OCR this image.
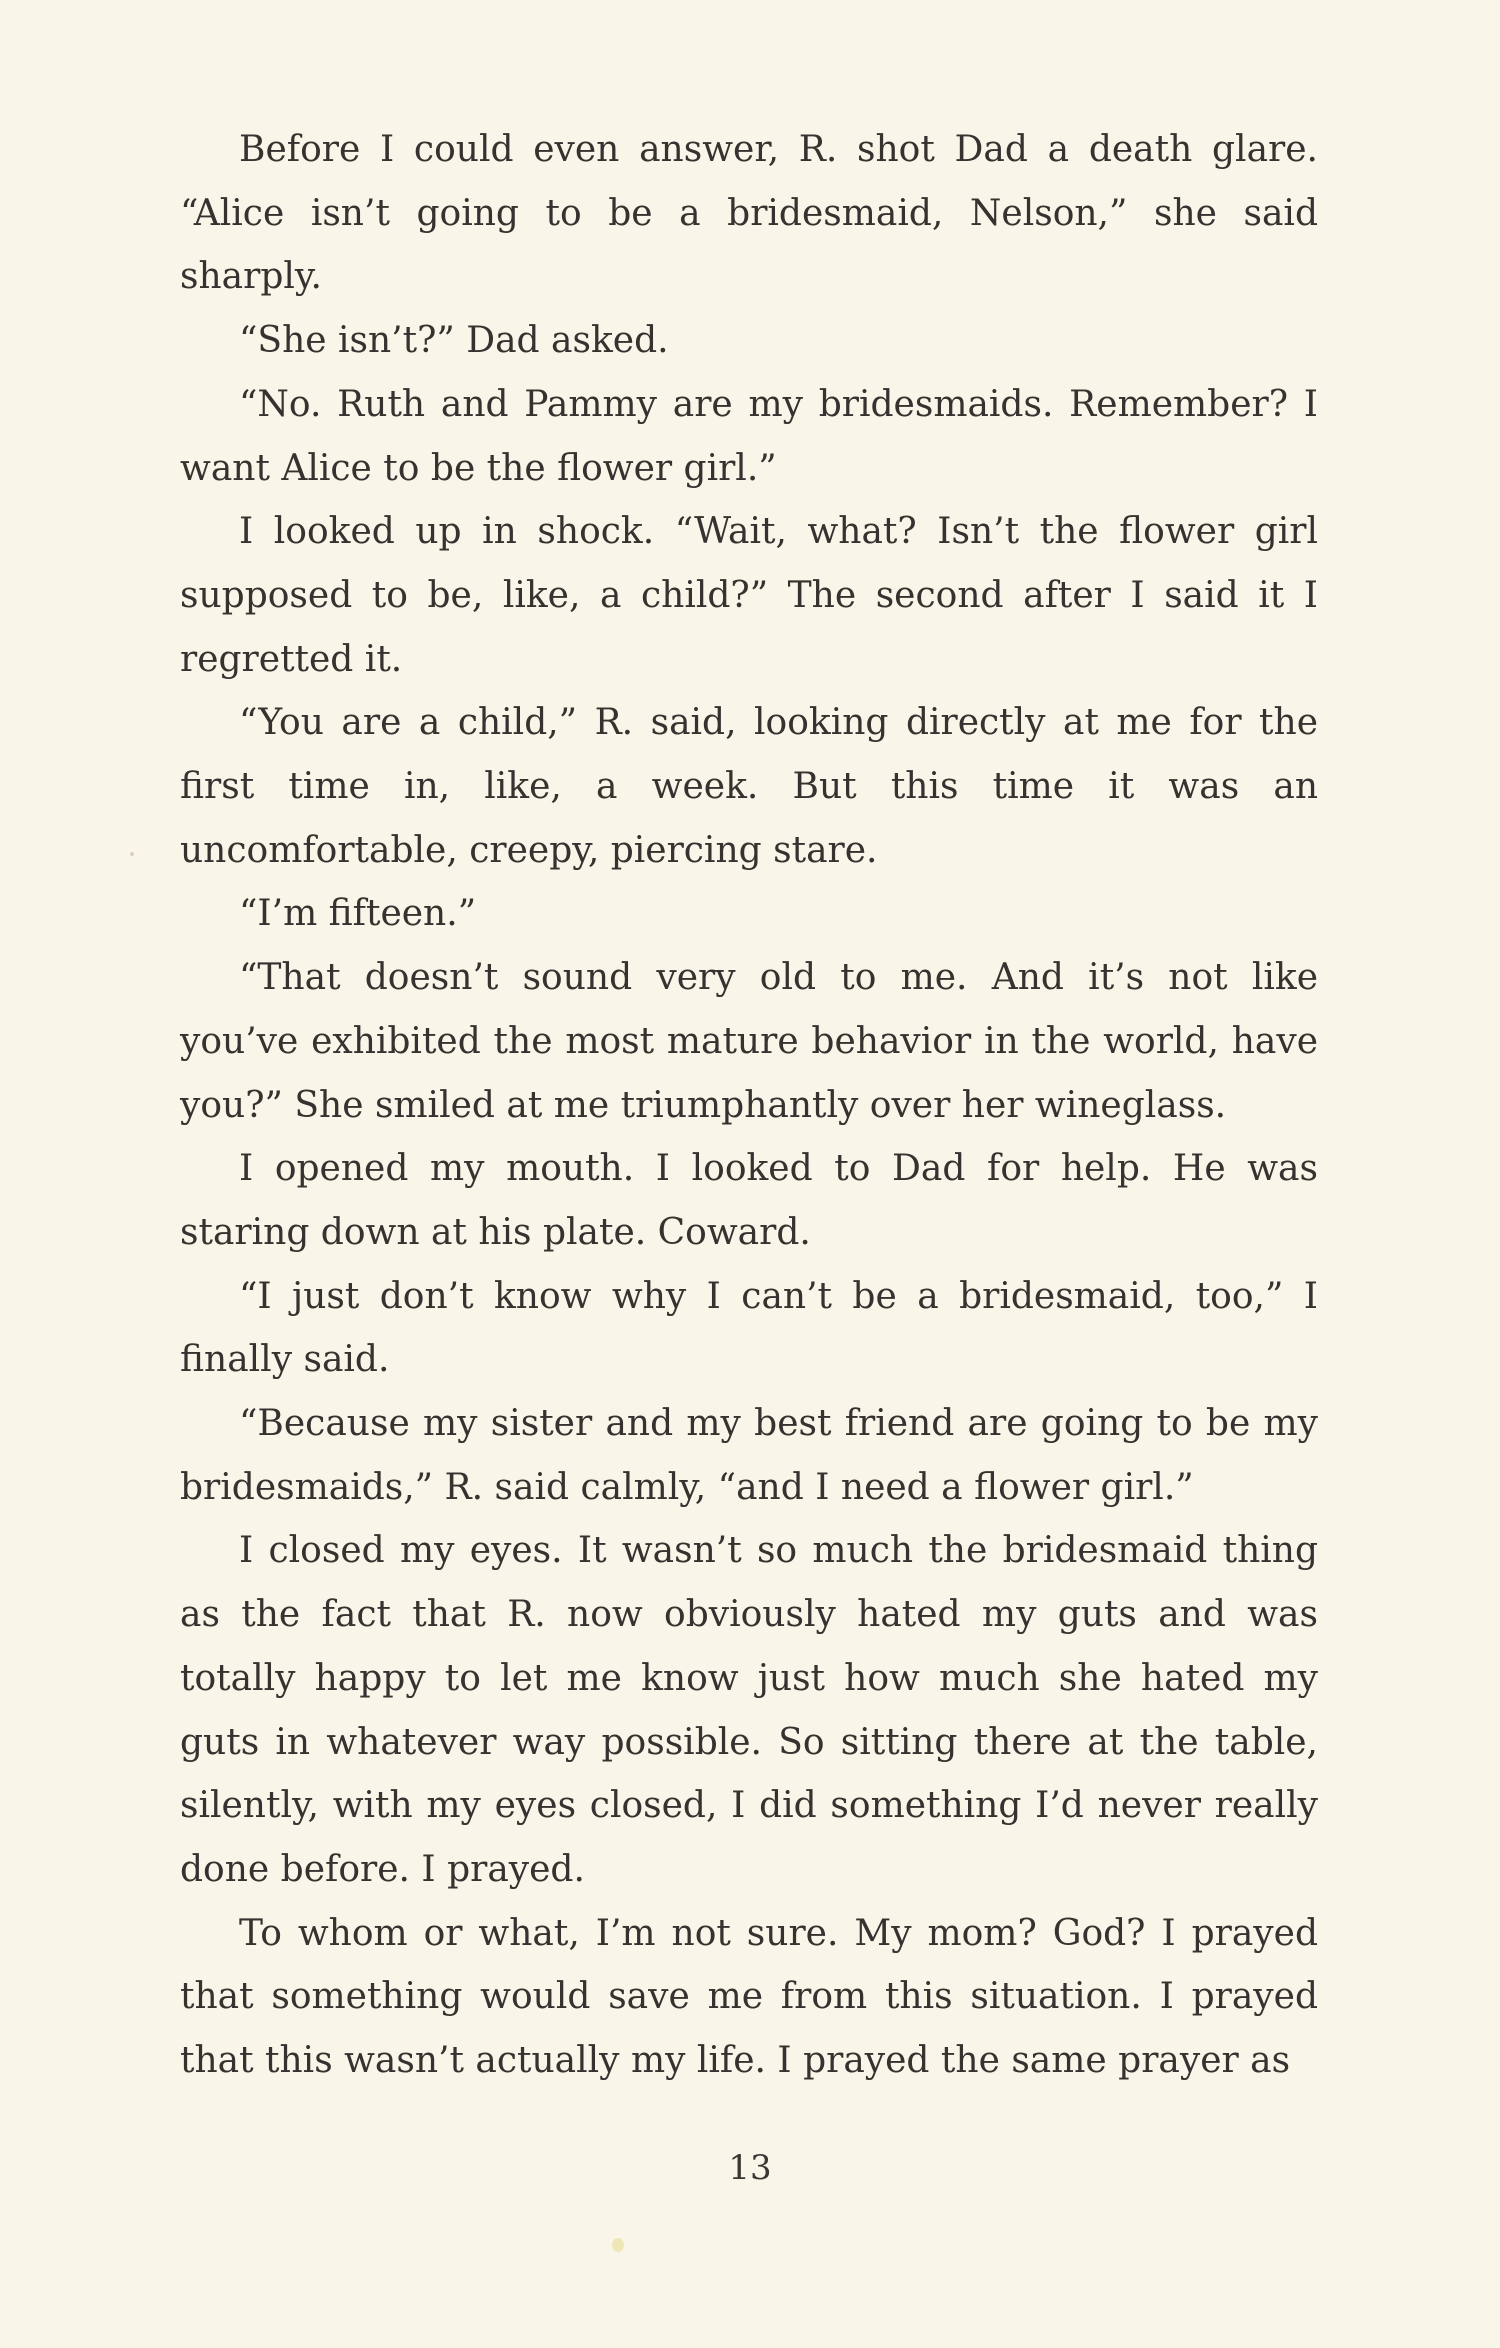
Before I could even answer, R. shot Dad a death glare. “Alice isn’t going to be a bridesmaid, Nelson,” she said sharply.

“She isn’t?” Dad asked.

“No. Ruth and Pammy are my bridesmaids. Remember? I want Alice to be the flower girl.”

I looked up in shock. “Wait, what? Isn’t the flower girl supposed to be, like, a child?” The second after I said it I regretted it.

“You are a child,” R. said, looking directly at me for the first time in, like, a week. But this time it was an uncomfortable, creepy, piercing stare.

“I’m fifteen.”

“That doesn’t sound very old to me. And it’s not like you’ve exhibited the most mature behavior in the world, have you?” She smiled at me triumphantly over her wineglass.

I opened my mouth. I looked to Dad for help. He was staring down at his plate. Coward.

“I just don’t know why I can’t be a bridesmaid, too,” I finally said.

“Because my sister and my best friend are going to be my bridesmaids,” R. said calmly, “and I need a flower girl.”

I closed my eyes. It wasn’t so much the bridesmaid thing as the fact that R. now obviously hated my guts and was totally happy to let me know just how much she hated my guts in whatever way possible. So sitting there at the table, silently, with my eyes closed, I did something I’d never really done before. I prayed.

To whom or what, I’m not sure. My mom? God? I prayed that something would save me from this situation. I prayed that this wasn’t actually my life. I prayed the same prayer as

13
